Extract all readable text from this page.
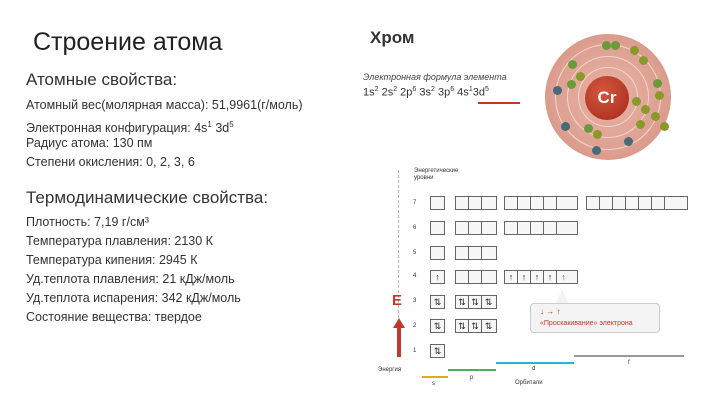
Строение атома
Атомные свойства:
Атомный вес(молярная масса): 51,9961(г/моль)
Электронная конфигурация: $4s^1$ $3d^5$
Радиус атома: 130 пм
Степени окисления: 0, 2, 3, 6
Термодинамические свойства:
Плотность: 7,19 г/см³
Температура плавления: 2130 К
Температура кипения: 2945 К
Уд.теплота плавления: 21 кДж/моль
Уд.теплота испарения: 342 кДж/моль
Состояние вещества: твердое
Хром
Электронная формула элемента
$1s^2$ $2s^2$ $2p^6$ $3s^2$ $3p^6$ $4s^13d^5$	Cr
Энергетические уровни
7
6
5
4
3
2
1
↑	↑ ↑ ↑ ↑	↑
⇅	⇅ ⇅ ⇅
⇅	⇅ ⇅ ⇅
⇅
E
↓ → ↑
«Проскакивание» электрона
Энергия
s
p
d
f
Орбитали
